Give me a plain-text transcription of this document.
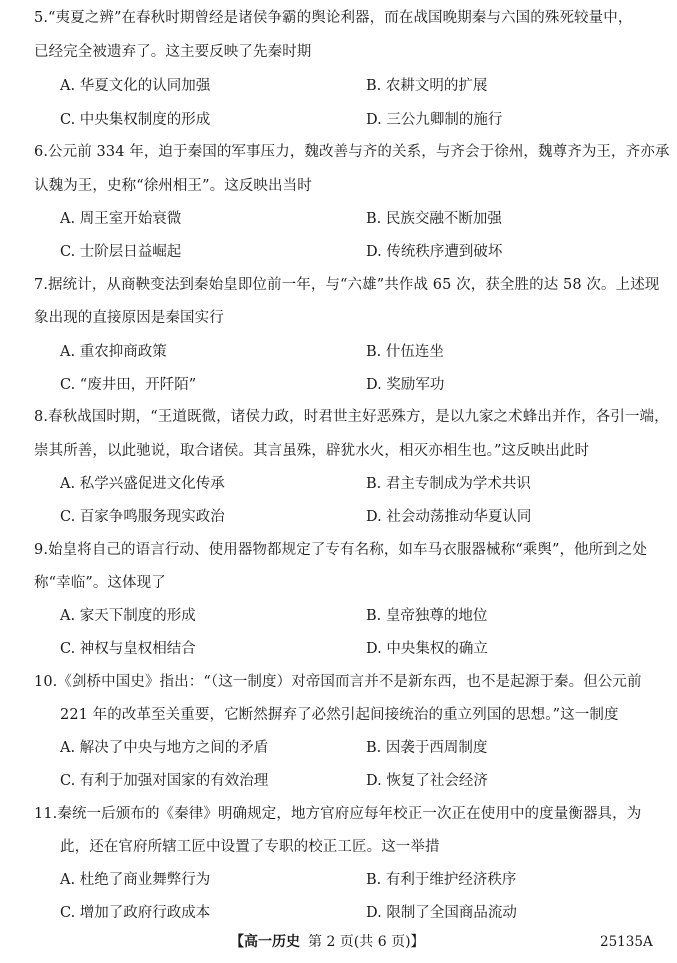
5.“夷夏之辨”在春秋时期曾经是诸侯争霸的舆论利器，而在战国晚期秦与六国的殊死较量中，
已经完全被遗弃了。这主要反映了先秦时期
A. 华夏文化的认同加强	B. 农耕文明的扩展
C. 中央集权制度的形成	D. 三公九卿制的施行
6.公元前 334 年，迫于秦国的军事压力，魏改善与齐的关系，与齐会于徐州，魏尊齐为王，齐亦承
认魏为王，史称“徐州相王”。这反映出当时
A. 周王室开始衰微	B. 民族交融不断加强
C. 士阶层日益崛起	D. 传统秩序遭到破坏
7.据统计，从商鞅变法到秦始皇即位前一年，与“六雄”共作战 65 次，获全胜的达 58 次。上述现
象出现的直接原因是秦国实行
A. 重农抑商政策	B. 什伍连坐
C. “废井田，开阡陌”	D. 奖励军功
8.春秋战国时期，“王道既微，诸侯力政，时君世主好恶殊方，是以九家之术蜂出并作，各引一端，
崇其所善，以此驰说，取合诸侯。其言虽殊，辟犹水火，相灭亦相生也。”这反映出此时
A. 私学兴盛促进文化传承	B. 君主专制成为学术共识
C. 百家争鸣服务现实政治	D. 社会动荡推动华夏认同
9.始皇将自己的语言行动、使用器物都规定了专有名称，如车马衣服器械称“乘舆”，他所到之处
称“幸临”。这体现了
A. 家天下制度的形成	B. 皇帝独尊的地位
C. 神权与皇权相结合	D. 中央集权的确立
10.《剑桥中国史》指出：“（这一制度）对帝国而言并不是新东西，也不是起源于秦。但公元前
221 年的改革至关重要，它断然摒弃了必然引起间接统治的重立列国的思想。”这一制度
A. 解决了中央与地方之间的矛盾	B. 因袭于西周制度
C. 有利于加强对国家的有效治理	D. 恢复了社会经济
11.秦统一后颁布的《秦律》明确规定，地方官府应每年校正一次正在使用中的度量衡器具，为
此，还在官府所辖工匠中设置了专职的校正工匠。这一举措
A. 杜绝了商业舞弊行为	B. 有利于维护经济秩序
C. 增加了政府行政成本	D. 限制了全国商品流动
【高一历史 第 2 页(共 6 页)】	25135A
